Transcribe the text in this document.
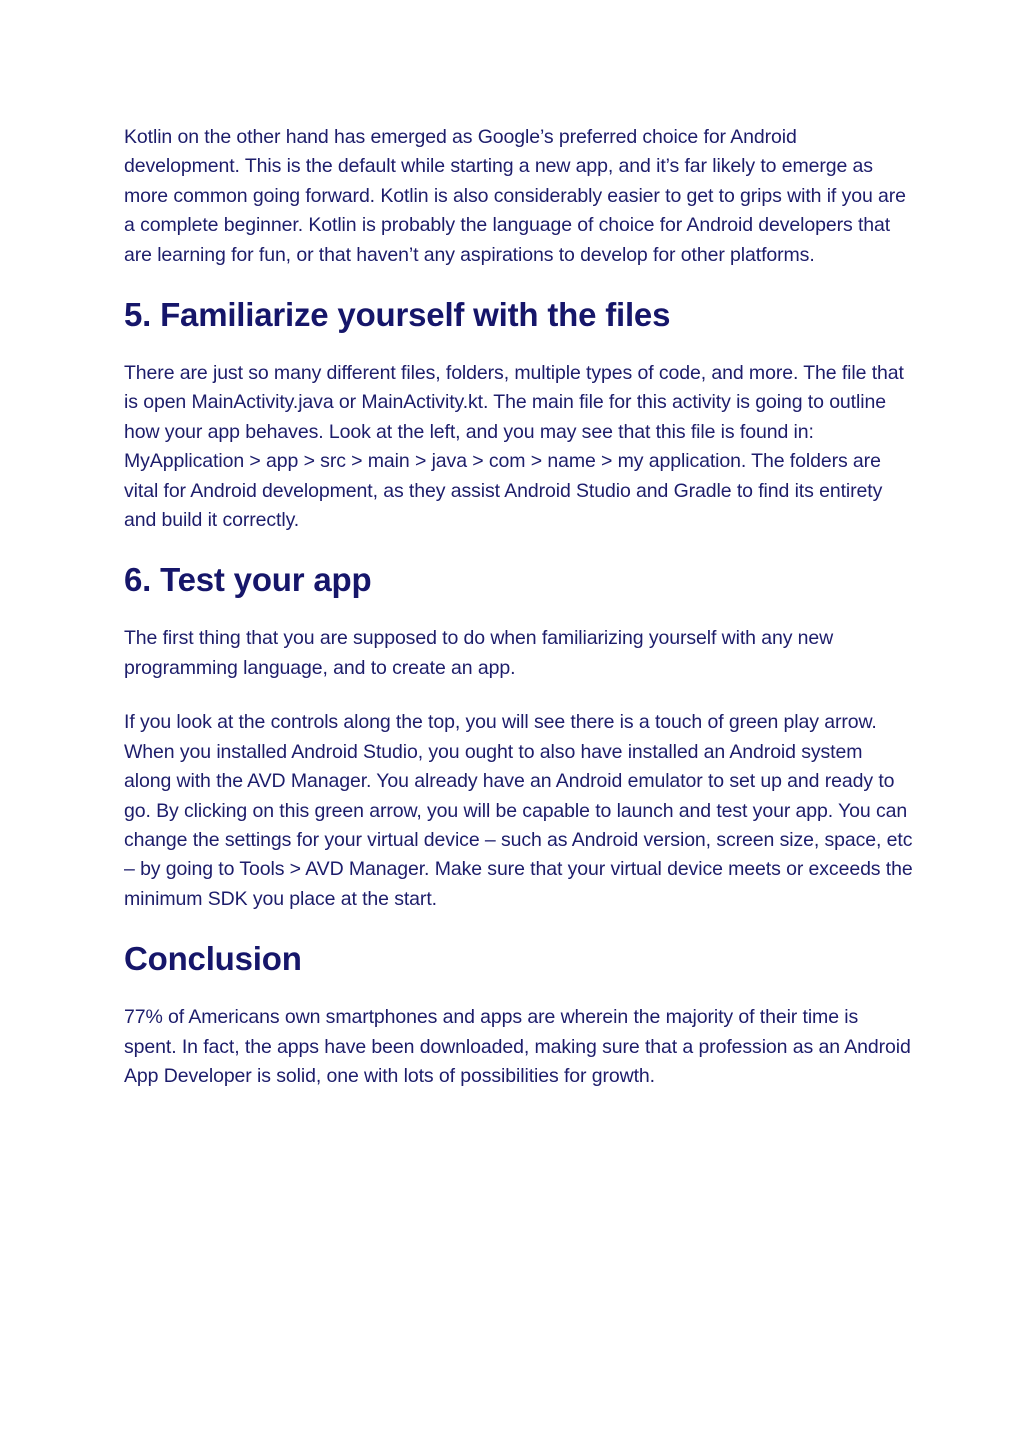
Kotlin on the other hand has emerged as Google’s preferred choice for Android development. This is the default while starting a new app, and it’s far likely to emerge as more common going forward. Kotlin is also considerably easier to get to grips with if you are a complete beginner. Kotlin is probably the language of choice for Android developers that are learning for fun, or that haven’t any aspirations to develop for other platforms.

5. Familiarize yourself with the files

There are just so many different files, folders, multiple types of code, and more. The file that is open MainActivity.java or MainActivity.kt. The main file for this activity is going to outline how your app behaves. Look at the left, and you may see that this file is found in: MyApplication > app > src > main > java > com > name > my application. The folders are vital for Android development, as they assist Android Studio and Gradle to find its entirety and build it correctly.

6. Test your app

The first thing that you are supposed to do when familiarizing yourself with any new programming language, and to create an app.

If you look at the controls along the top, you will see there is a touch of green play arrow. When you installed Android Studio, you ought to also have installed an Android system along with the AVD Manager. You already have an Android emulator to set up and ready to go. By clicking on this green arrow, you will be capable to launch and test your app. You can change the settings for your virtual device – such as Android version, screen size, space, etc – by going to Tools > AVD Manager. Make sure that your virtual device meets or exceeds the minimum SDK you place at the start.

Conclusion

77% of Americans own smartphones and apps are wherein the majority of their time is spent. In fact, the apps have been downloaded, making sure that a profession as an Android App Developer is solid, one with lots of possibilities for growth.
